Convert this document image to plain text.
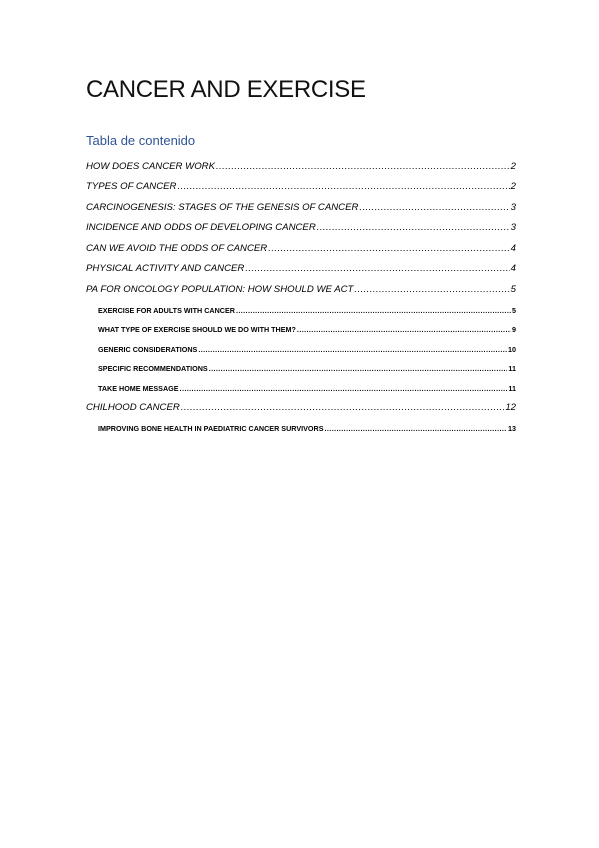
CANCER AND EXERCISE
Tabla de contenido
HOW DOES CANCER WORK .....	2
TYPES OF CANCER .....	2
CARCINOGENESIS: STAGES OF THE GENESIS OF CANCER .....	3
INCIDENCE AND ODDS OF DEVELOPING CANCER .....	3
CAN WE AVOID THE ODDS OF CANCER .....	4
PHYSICAL ACTIVITY AND CANCER .....	4
PA FOR ONCOLOGY POPULATION: HOW SHOULD WE ACT .....	5
EXERCISE FOR ADULTS WITH CANCER .....	5
WHAT TYPE OF EXERCISE SHOULD WE DO WITH THEM? .....	9
GENERIC CONSIDERATIONS .....	10
SPECIFIC RECOMMENDATIONS .....	11
TAKE HOME MESSAGE .....	11
CHILHOOD CANCER .....	12
IMPROVING BONE HEALTH IN PAEDIATRIC CANCER SURVIVORS .....	13
